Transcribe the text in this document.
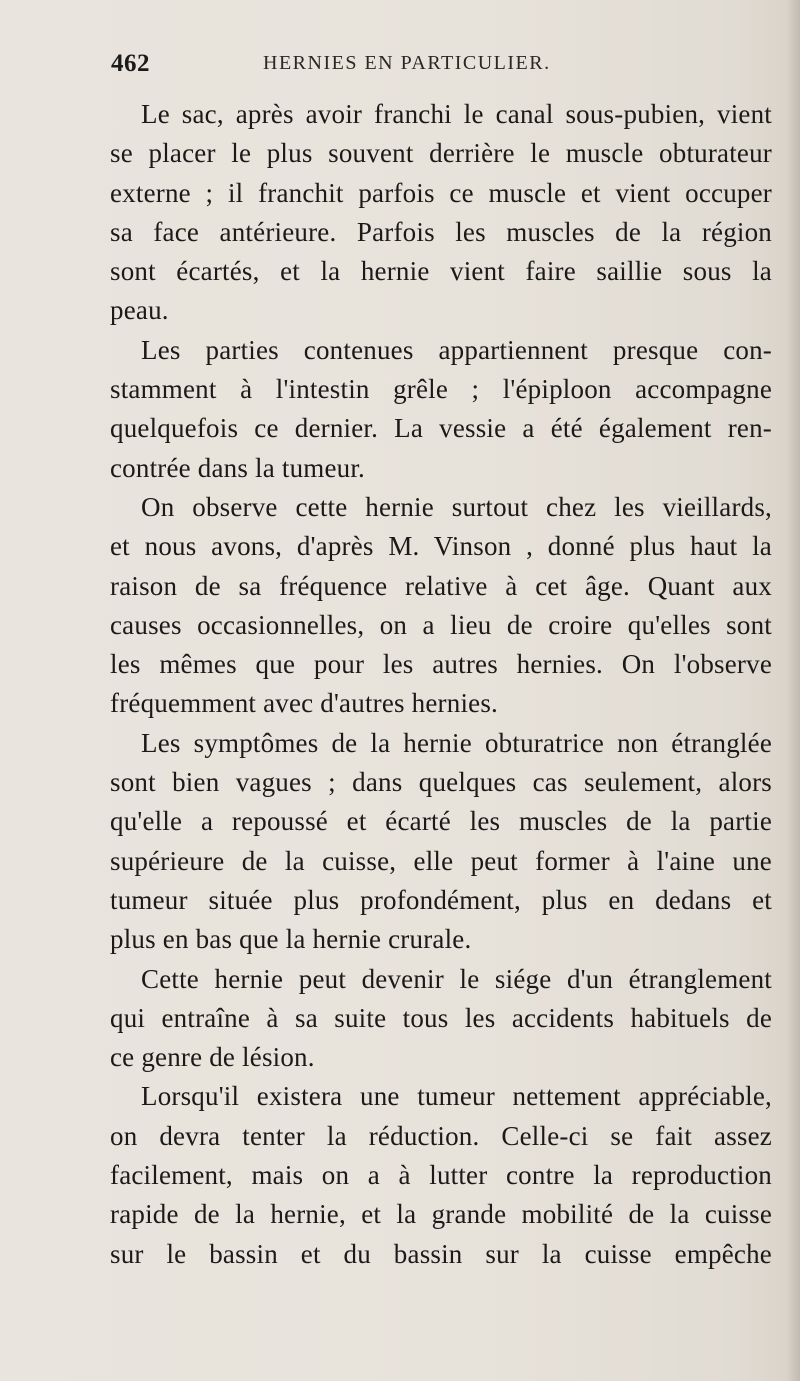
462	HERNIES EN PARTICULIER.
Le sac, après avoir franchi le canal sous-pubien, vient
se placer le plus souvent derrière le muscle obturateur
externe ; il franchit parfois ce muscle et vient occuper
sa face antérieure. Parfois les muscles de la région
sont écartés, et la hernie vient faire saillie sous la
peau.
Les parties contenues appartiennent presque con-
stamment à l'intestin grêle ; l'épiploon accompagne
quelquefois ce dernier. La vessie a été également ren-
contrée dans la tumeur.
On observe cette hernie surtout chez les vieillards,
et nous avons, d'après M. Vinson , donné plus haut la
raison de sa fréquence relative à cet âge. Quant aux
causes occasionnelles, on a lieu de croire qu'elles sont
les mêmes que pour les autres hernies. On l'observe
fréquemment avec d'autres hernies.
Les symptômes de la hernie obturatrice non étranglée
sont bien vagues ; dans quelques cas seulement, alors
qu'elle a repoussé et écarté les muscles de la partie
supérieure de la cuisse, elle peut former à l'aine une
tumeur située plus profondément, plus en dedans et
plus en bas que la hernie crurale.
Cette hernie peut devenir le siége d'un étranglement
qui entraîne à sa suite tous les accidents habituels de
ce genre de lésion.
Lorsqu'il existera une tumeur nettement appréciable,
on devra tenter la réduction. Celle-ci se fait assez
facilement, mais on a à lutter contre la reproduction
rapide de la hernie, et la grande mobilité de la cuisse
sur le bassin et du bassin sur la cuisse empêche
